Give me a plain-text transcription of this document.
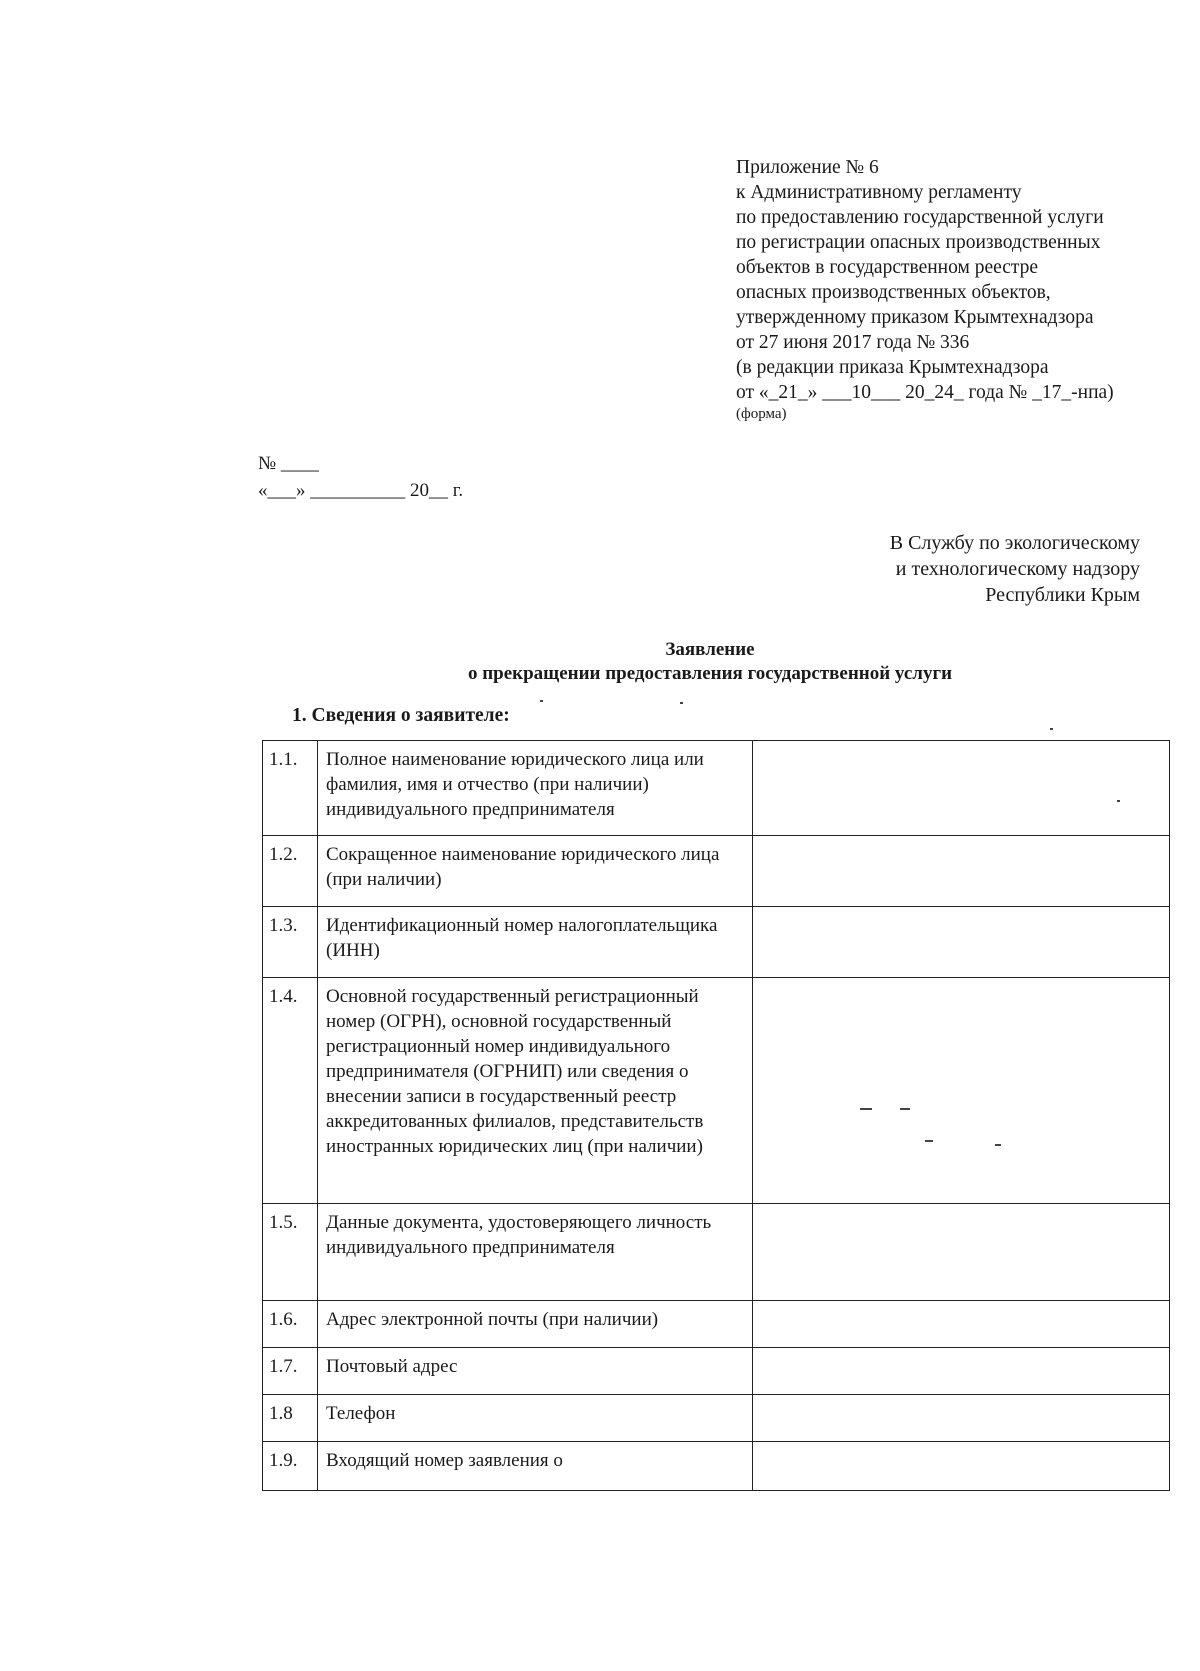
Приложение № 6
к Административному регламенту
по предоставлению государственной услуги
по регистрации опасных производственных
объектов в государственном реестре
опасных производственных объектов,
утвержденному приказом Крымтехнадзора
от 27 июня 2017 года № 336
(в редакции приказа Крымтехнадзора
от «_21_» ___10___ 20_24_ года № _17_-нпа)
(форма)
№ ____
«___» __________ 20__ г.
В Службу по экологическому
и технологическому надзору
Республики Крым
Заявление
о прекращении предоставления государственной услуги
1. Сведения о заявителе:
1.1.	Полное наименование юридического лица или фамилия, имя и отчество (при наличии) индивидуального предпринимателя	
1.2.	Сокращенное наименование юридического лица (при наличии)	
1.3.	Идентификационный номер налогоплательщика (ИНН)	
1.4.	Основной государственный регистрационный номер (ОГРН), основной государственный регистрационный номер индивидуального предпринимателя (ОГРНИП) или сведения о внесении записи в государственный реестр аккредитованных филиалов, представительств иностранных юридических лиц (при наличии)	
1.5.	Данные документа, удостоверяющего личность индивидуального предпринимателя	
1.6.	Адрес электронной почты (при наличии)	
1.7.	Почтовый адрес	
1.8	Телефон	
1.9.	Входящий номер заявления о	
